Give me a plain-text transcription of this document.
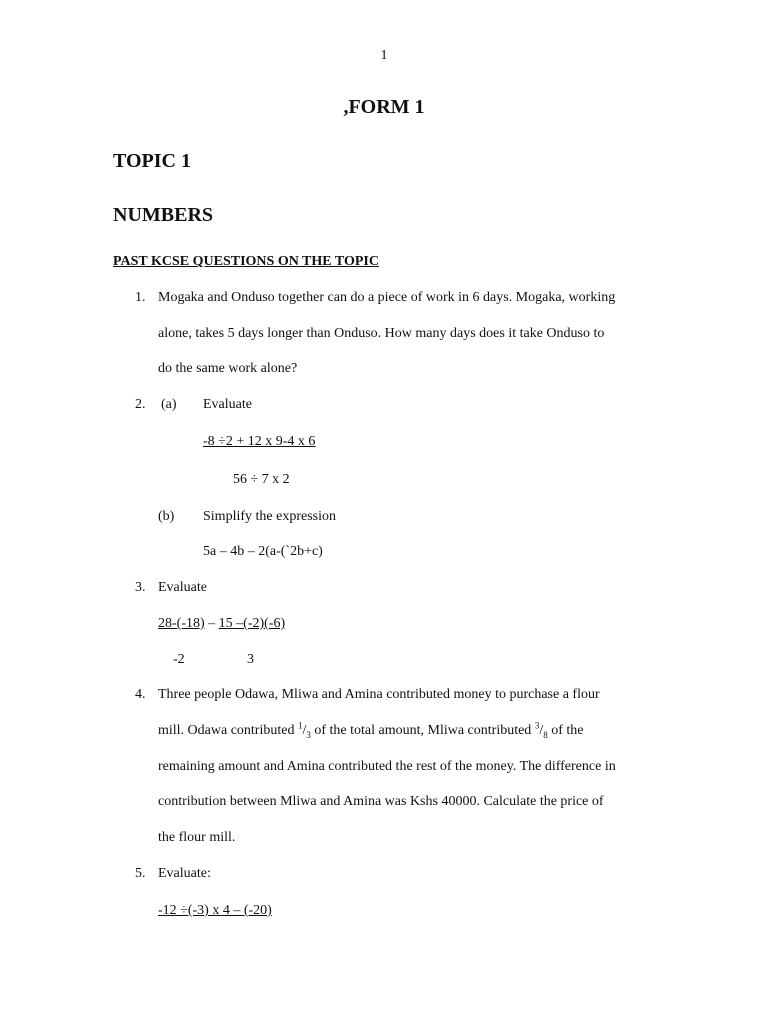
1
,FORM 1
TOPIC 1
NUMBERS
PAST KCSE QUESTIONS ON THE TOPIC
1. Mogaka and Onduso together can do a piece of work in 6 days. Mogaka, working
alone, takes 5 days longer than Onduso. How many days does it take Onduso to
do the same work alone?
2. (a) Evaluate
-8 ÷2 + 12 x 9-4 x 6
56 ÷ 7 x 2
(b) Simplify the expression
5a – 4b – 2(a-(`2b+c)
3. Evaluate
28-(-18) – 15 –(-2)(-6)
-2	3
4. Three people Odawa, Mliwa and Amina contributed money to purchase a flour
mill. Odawa contributed $^1/_3$ of the total amount, Mliwa contributed $^3/_8$ of the
remaining amount and Amina contributed the rest of the money. The difference in
contribution between Mliwa and Amina was Kshs 40000. Calculate the price of
the flour mill.
5. Evaluate:
-12 ÷(-3) x 4 – (-20)
